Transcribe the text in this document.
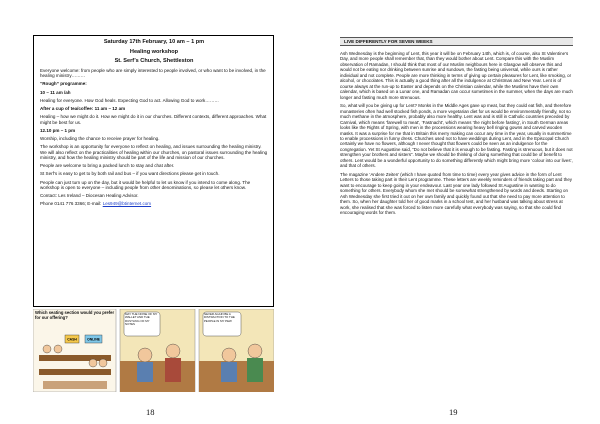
Saturday 17th February, 10 am – 1 pm
Healing workshop
St. Serf’s Church, Shettleston

Everyone welcome: from people who are simply interested to people involved, or who want to be involved, in the healing ministry………

“Rough” programme:

10 – 11 am /ah

Healing for everyone. How God heals. Expecting God to act. Allowing God to work………

After a cup of tea/coffee: 11 am – 12 am

Healing – how we might do it. How we might do it in our churches. Different contexts, different approaches. What might be best for us.

12.10 pm – 1 pm

Worship, including the chance to receive prayer for healing.

The workshop is an opportunity for everyone to reflect on healing, and issues surrounding the healing ministry. We will also reflect on the practicalities of healing within our churches, on pastoral issues surrounding the healing ministry, and how the healing ministry should be part of the life and mission of our churches.

People are welcome to bring a packed lunch to stay and chat after.

St Serf’s is easy to get to by both rail and bus – if you want directions please get in touch.

People can just turn up on the day, but it would be helpful to let us know if you intend to come along. The workshop is open to everyone – including people from other denominations, so please let others know.

Contact: Les Ireland – Diocesan Healing Advisor.

Phone 0141 776 3366; E-mail: Les949@btinternet.com

Which seating section would you prefer for our offering?
CASH	ONLINE
MAY THE NOISE OF MY WALLET AND THE RUSTLING OF MY NOTES
NEVER AGAIN BE A DISTRACTION TO THE PEOPLE IN MY PEW
18
LIVE DIFFERENTLY FOR SEVEN WEEKS

Ash Wednesday is the beginning of Lent, this year it will be on February 14th, which is, of course, also St Valentine’s Day, and more people shall remember that, than they would bother about Lent. Compare this with the Muslim observation of Ramadan, I should think that most of our Muslim neighbours here in Glasgow will observe this and would not be eating nor drinking between sunrise and sundown, the fasting being universal, while ours is rather individual and not complete. People are more thinking in terms of giving up certain pleasures for Lent, like smoking, or alcohol, or chocolates. This is actually a good thing after all the indulgence at Christmas and New Year. Lent is of course always at the run-up to Easter and depends on the Christian calendar, while the Muslims have their own calendar, which is based on a Lunar one, and Ramadan can occur sometimes in the summer, when the days are much longer and fasting much more strenuous.

So, what will you be giving up for Lent? Monks in the Middle Ages gave up meat, but they could eat fish, and therefore monasteries often had well stocked fish ponds, a more vegetarian diet for us would be environmentally friendly, not so much methane in the atmosphere, probably also more healthy. Lent was and is still in Catholic countries preceded by Carnival, which means ‘farewell to meat’, ‘Fastnacht’, which means ‘the night before fasting’, in South German areas looks like the Rights of Spring, with men in the processions wearing heavy bell ringing gowns and carved wooden masks. It was a surprise for me that in Britain this merry making can occur any time in the year, usually in summertime to enable processions in funny dress. Churches used not to have weddings during Lent, and in the Episcopal Church certainly we have no flowers, although I never thought that flowers could be seen as an indulgence for the congregation. Yet St Augustine said, “Do not believe that it is enough to be fasting. Fasting is strenuous, but it does not strengthen your brothers and sisters”. Maybe we should be thinking of doing something that could be of benefit to others. Lent would be a wonderful opportunity to do something differently which might bring more ‘colour into our lives’, and that of others.

The magazine ‘Andere Zeiten’ (which I have quoted from time to time) every year gives advice in the form of Lent Letters to those taking part in their Lent programme. These letters are weekly reminders of friends taking part and they want to encourage to keep going in your endeavour. Last year one lady followed St Augustine in wanting to do something for others. Everybody whom she met should be somewhat strengthened by words and deeds. Starting on Ash Wednesday she first tried it out on her own family and quickly found out that she need to pay more attention to them. So, when her daughter told her of good marks in a school test, and her husband was talking about stress at work, she realised that she was forced to listen more carefully what everybody was saying, so that she could find encouraging words for them.

19
